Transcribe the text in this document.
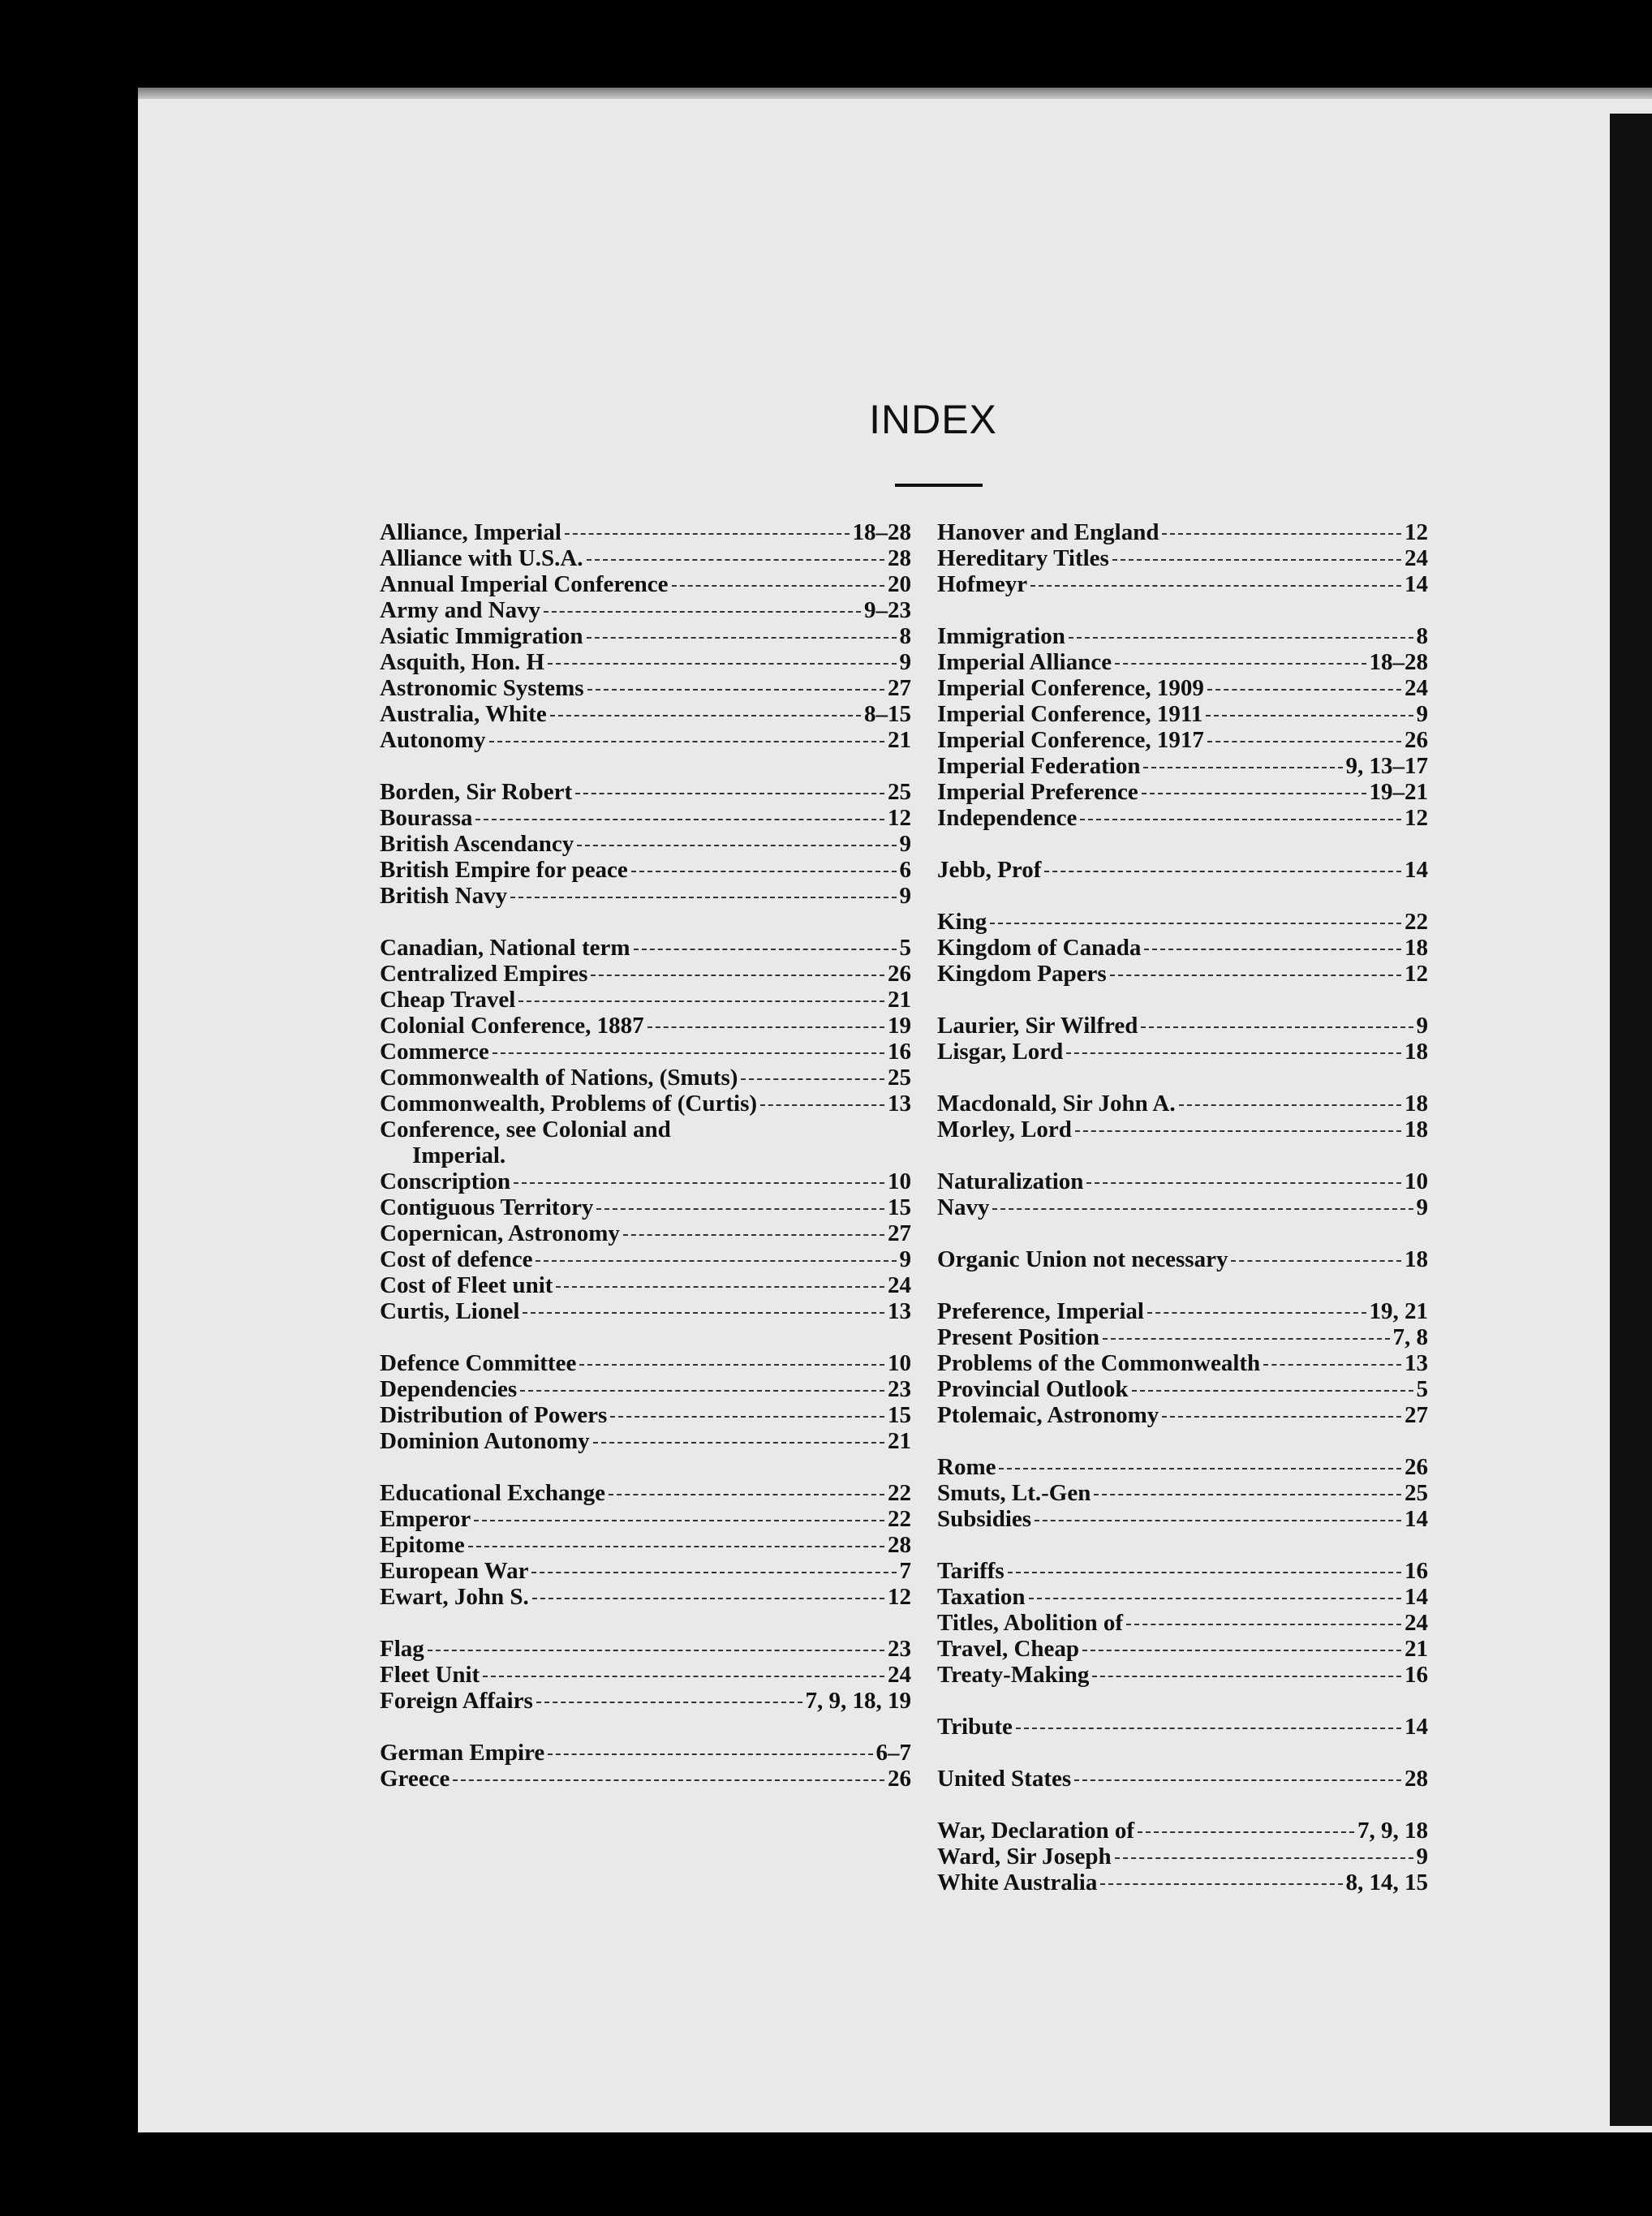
INDEX
Alliance, Imperial	18–28
Alliance with U.S.A.	28
Annual Imperial Conference	20
Army and Navy	9–23
Asiatic Immigration	8
Asquith, Hon. H	9
Astronomic Systems	27
Australia, White	8–15
Autonomy	21
Borden, Sir Robert	25
Bourassa	12
British Ascendancy	9
British Empire for peace	6
British Navy	9
Canadian, National term	5
Centralized Empires	26
Cheap Travel	21
Colonial Conference, 1887	19
Commerce	16
Commonwealth of Nations, (Smuts)	25
Commonwealth, Problems of (Curtis)	13
Conference, see Colonial and
Imperial.
Conscription	10
Contiguous Territory	15
Copernican, Astronomy	27
Cost of defence	9
Cost of Fleet unit	24
Curtis, Lionel	13
Defence Committee	10
Dependencies	23
Distribution of Powers	15
Dominion Autonomy	21
Educational Exchange	22
Emperor	22
Epitome	28
European War	7
Ewart, John S.	12
Flag	23
Fleet Unit	24
Foreign Affairs	7, 9, 18, 19
German Empire	6–7
Greece	26
Hanover and England	12
Hereditary Titles	24
Hofmeyr	14
Immigration	8
Imperial Alliance	18–28
Imperial Conference, 1909	24
Imperial Conference, 1911	9
Imperial Conference, 1917	26
Imperial Federation	9, 13–17
Imperial Preference	19–21
Independence	12
Jebb, Prof	14
King	22
Kingdom of Canada	18
Kingdom Papers	12
Laurier, Sir Wilfred	9
Lisgar, Lord	18
Macdonald, Sir John A.	18
Morley, Lord	18
Naturalization	10
Navy	9
Organic Union not necessary	18
Preference, Imperial	19, 21
Present Position	7, 8
Problems of the Commonwealth	13
Provincial Outlook	5
Ptolemaic, Astronomy	27
Rome	26
Smuts, Lt.-Gen	25
Subsidies	14
Tariffs	16
Taxation	14
Titles, Abolition of	24
Travel, Cheap	21
Treaty-Making	16
Tribute	14
United States	28
War, Declaration of	7, 9, 18
Ward, Sir Joseph	9
White Australia	8, 14, 15
